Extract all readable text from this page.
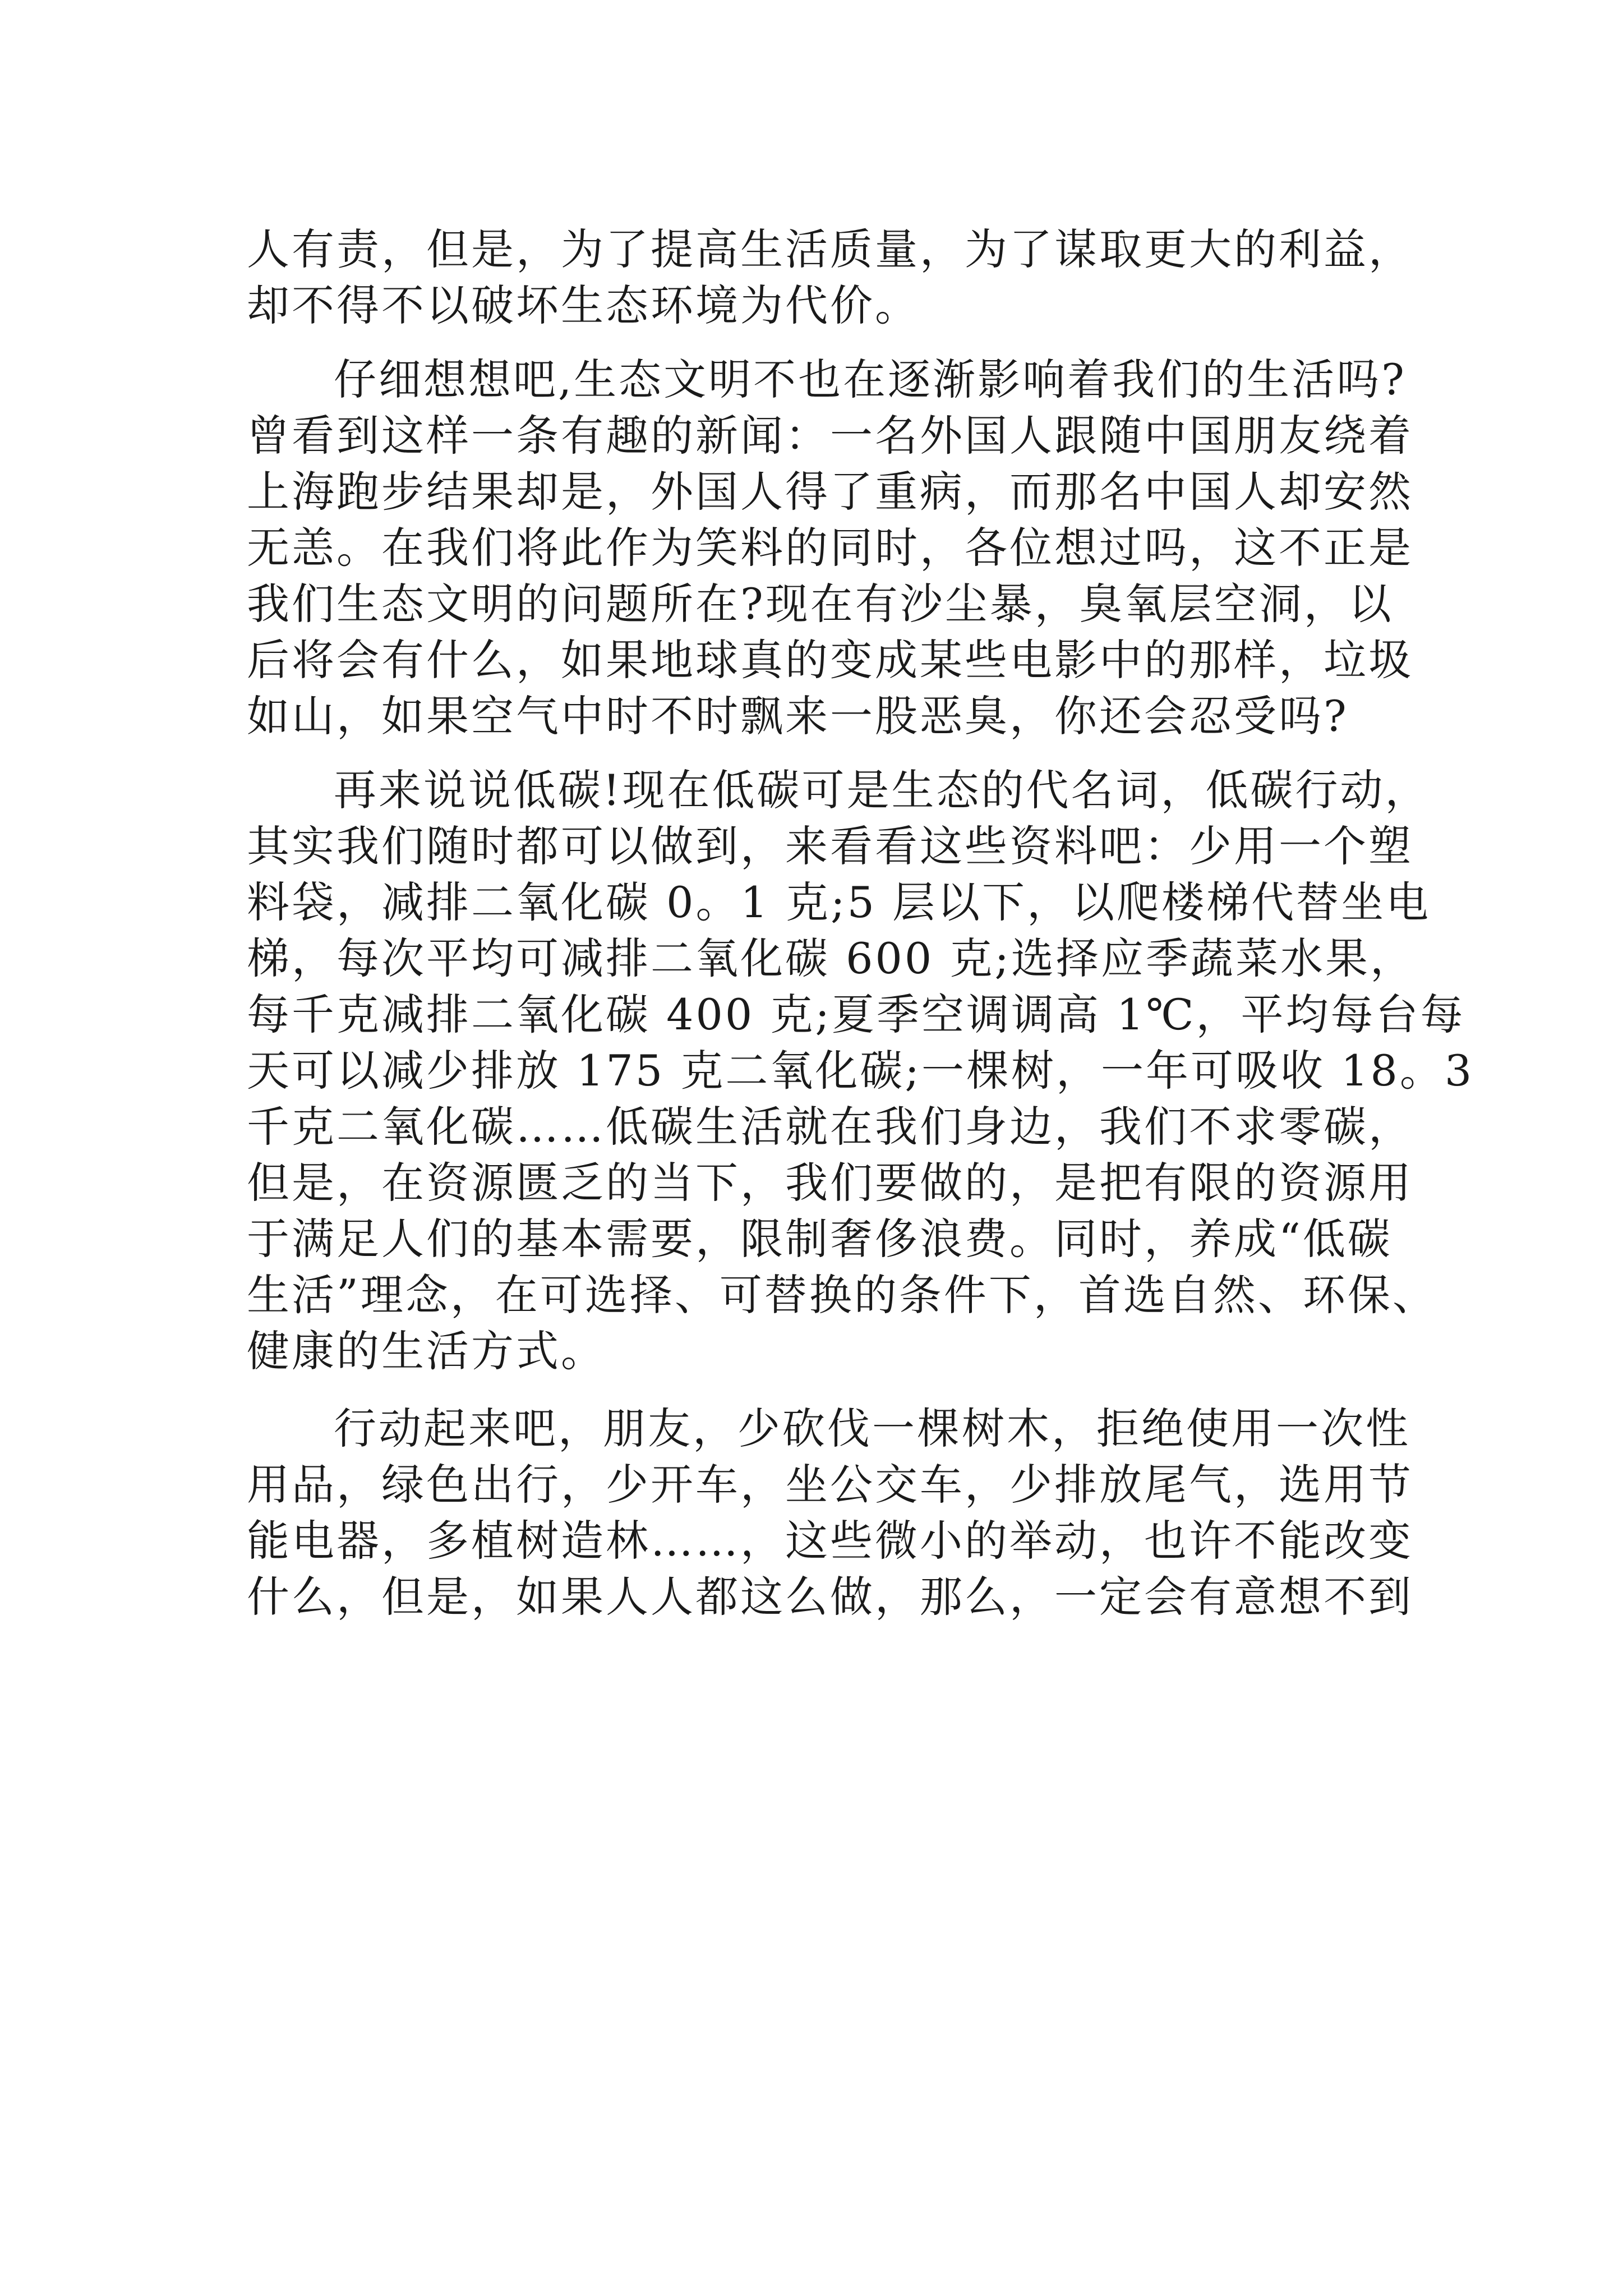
人有责，但是，为了提高生活质量，为了谋取更大的利益，
却不得不以破坏生态环境为代价。
仔细想想吧,生态文明不也在逐渐影响着我们的生活吗?
曾看到这样一条有趣的新闻：一名外国人跟随中国朋友绕着
上海跑步结果却是，外国人得了重病，而那名中国人却安然
无恙。在我们将此作为笑料的同时，各位想过吗，这不正是
我们生态文明的问题所在?现在有沙尘暴，臭氧层空洞，以
后将会有什么，如果地球真的变成某些电影中的那样，垃圾
如山，如果空气中时不时飘来一股恶臭，你还会忍受吗?
再来说说低碳!现在低碳可是生态的代名词，低碳行动，
其实我们随时都可以做到，来看看这些资料吧：少用一个塑
料袋，减排二氧化碳 0。1 克;5 层以下，以爬楼梯代替坐电
梯，每次平均可减排二氧化碳 600 克;选择应季蔬菜水果，
每千克减排二氧化碳 400 克;夏季空调调高 1℃，平均每台每
天可以减少排放 175 克二氧化碳;一棵树，一年可吸收 18。3
千克二氧化碳……低碳生活就在我们身边，我们不求零碳，
但是，在资源匮乏的当下，我们要做的，是把有限的资源用
于满足人们的基本需要，限制奢侈浪费。同时，养成“低碳
生活”理念，在可选择、可替换的条件下，首选自然、环保、
健康的生活方式。
行动起来吧，朋友，少砍伐一棵树木，拒绝使用一次性
用品，绿色出行，少开车，坐公交车，少排放尾气，选用节
能电器，多植树造林……，这些微小的举动，也许不能改变
什么，但是，如果人人都这么做，那么，一定会有意想不到
